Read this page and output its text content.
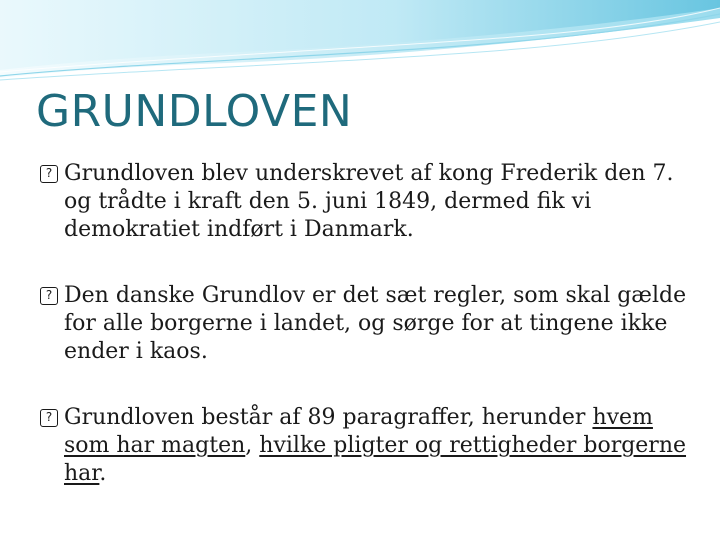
GRUNDLOVEN
? Grundloven blev underskrevet af kong Frederik den 7. og trådte i kraft den 5. juni 1849, dermed fik vi demokratiet indført i Danmark.
? Den danske Grundlov er det sæt regler, som skal gælde for alle borgerne i landet, og sørge for at tingene ikke ender i kaos.
? Grundloven består af 89 paragraffer, herunder hvem som har magten, hvilke pligter og rettigheder borgerne har.
